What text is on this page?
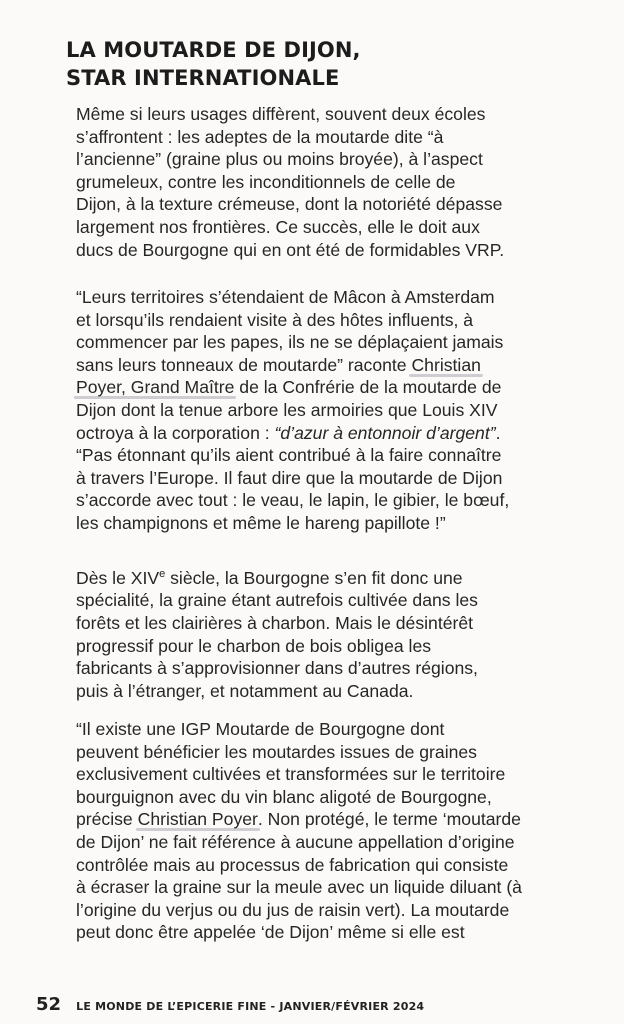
LA MOUTARDE DE DIJON,
STAR INTERNATIONALE
Même si leurs usages diffèrent, souvent deux écoles
s’affrontent : les adeptes de la moutarde dite “à
l’ancienne” (graine plus ou moins broyée), à l’aspect
grumeleux, contre les inconditionnels de celle de
Dijon, à la texture crémeuse, dont la notoriété dépasse
largement nos frontières. Ce succès, elle le doit aux
ducs de Bourgogne qui en ont été de formidables VRP.
“Leurs territoires s’étendaient de Mâcon à Amsterdam
et lorsqu’ils rendaient visite à des hôtes influents, à
commencer par les papes, ils ne se déplaçaient jamais
sans leurs tonneaux de moutarde” raconte Christian
Poyer, Grand Maître de la Confrérie de la moutarde de
Dijon dont la tenue arbore les armoiries que Louis XIV
octroya à la corporation : “d’azur à entonnoir d’argent”.
“Pas étonnant qu’ils aient contribué à la faire connaître
à travers l’Europe. Il faut dire que la moutarde de Dijon
s’accorde avec tout : le veau, le lapin, le gibier, le bœuf,
les champignons et même le hareng papillote !”
Dès le XIVe siècle, la Bourgogne s’en fit donc une
spécialité, la graine étant autrefois cultivée dans les
forêts et les clairières à charbon. Mais le désintérêt
progressif pour le charbon de bois obligea les
fabricants à s’approvisionner dans d’autres régions,
puis à l’étranger, et notamment au Canada.
“Il existe une IGP Moutarde de Bourgogne dont
peuvent bénéficier les moutardes issues de graines
exclusivement cultivées et transformées sur le territoire
bourguignon avec du vin blanc aligoté de Bourgogne,
précise Christian Poyer. Non protégé, le terme ‘moutarde
de Dijon’ ne fait référence à aucune appellation d’origine
contrôlée mais au processus de fabrication qui consiste
à écraser la graine sur la meule avec un liquide diluant (à
l’origine du verjus ou du jus de raisin vert). La moutarde
peut donc être appelée ‘de Dijon’ même si elle est
52 LE MONDE DE L’EPICERIE FINE - JANVIER/FÉVRIER 2024
